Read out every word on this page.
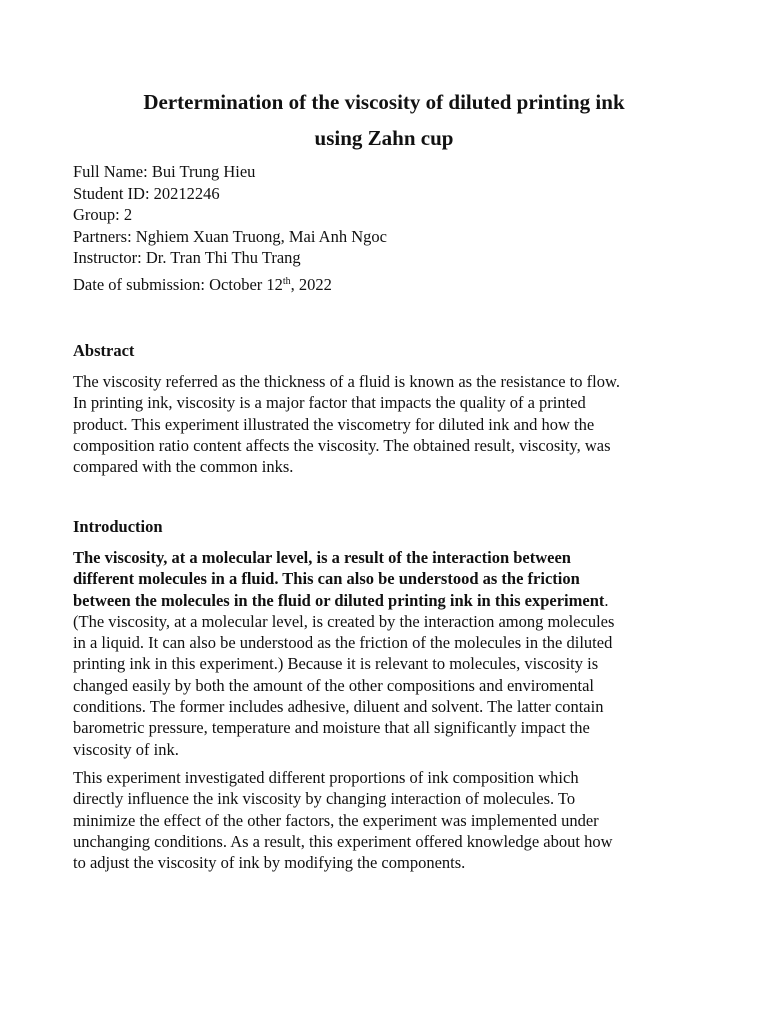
Dertermination of the viscosity of diluted printing ink
using Zahn cup
Full Name: Bui Trung Hieu
Student ID: 20212246
Group: 2
Partners: Nghiem Xuan Truong, Mai Anh Ngoc
Instructor: Dr. Tran Thi Thu Trang
Date of submission: October 12th, 2022
Abstract

The viscosity referred as the thickness of a fluid is known as the resistance to flow.
In printing ink, viscosity is a major factor that impacts the quality of a printed
product. This experiment illustrated the viscometry for diluted ink and how the
composition ratio content affects the viscosity. The obtained result, viscosity, was
compared with the common inks.

Introduction

The viscosity, at a molecular level, is a result of the interaction between
different molecules in a fluid. This can also be understood as the friction
between the molecules in the fluid or diluted printing ink in this experiment.
(The viscosity, at a molecular level, is created by the interaction among molecules
in a liquid. It can also be understood as the friction of the molecules in the diluted
printing ink in this experiment.) Because it is relevant to molecules, viscosity is
changed easily by both the amount of the other compositions and enviromental
conditions. The former includes adhesive, diluent and solvent. The latter contain
barometric pressure, temperature and moisture that all significantly impact the
viscosity of ink.

This experiment investigated different proportions of ink composition which
directly influence the ink viscosity by changing interaction of molecules. To
minimize the effect of the other factors, the experiment was implemented under
unchanging conditions. As a result, this experiment offered knowledge about how
to adjust the viscosity of ink by modifying the components.
